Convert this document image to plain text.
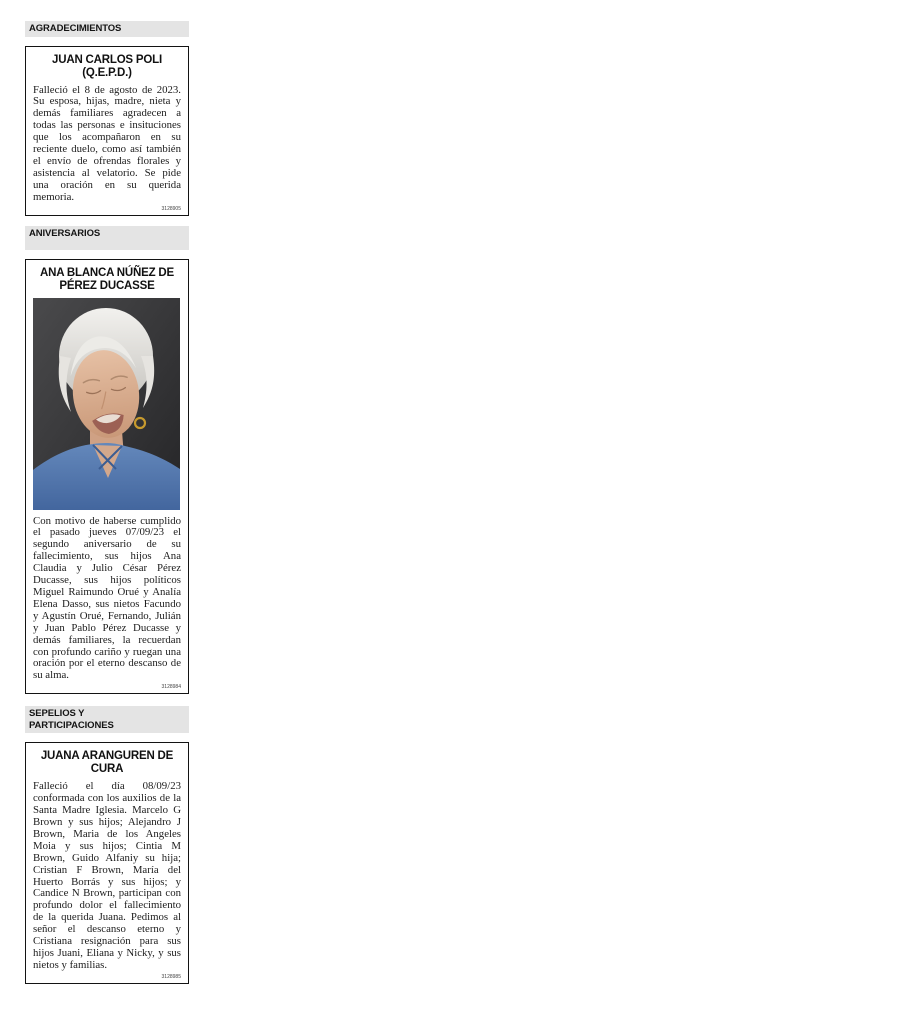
AGRADECIMIENTOS
JUAN CARLOS POLI
(Q.E.P.D.)
Falleció el 8 de agosto de 2023. Su esposa, hijas, madre, nieta y demás familiares agradecen a todas las personas e insituciones que los acompañaron en su reciente duelo, como así también el envío de ofrendas florales y asistencia al velatorio. Se pide una oración en su querida memoria.
3128905
ANIVERSARIOS
ANA BLANCA NÚÑEZ DE PÉREZ DUCASSE
Con motivo de haberse cumplido el pasado jueves 07/09/23 el segundo aniversario de su fallecimiento, sus hijos Ana Claudia y Julio César Pérez Ducasse, sus hijos políticos Miguel Raimundo Orué y Analía Elena Dasso, sus nietos Facundo y Agustín Orué, Fernando, Julián y Juan Pablo Pérez Ducasse y demás familiares, la recuerdan con profundo cariño y ruegan una oración por el eterno descanso de su alma.
3128984
SEPELIOS Y PARTICIPACIONES
JUANA ARANGUREN DE CURA
Falleció el día 08/09/23 conformada con los auxilios de la Santa Madre Iglesia. Marcelo G Brown y sus hijos; Alejandro J Brown, Maria de los Angeles Moia y sus hijos; Cintia M Brown, Guido Alfaniy su hija; Cristian F Brown, María del Huerto Borrás y sus hijos; y Candice N Brown, participan con profundo dolor el fallecimiento de la querida Juana. Pedimos al señor el descanso eterno y Cristiana resignación para sus hijos Juani, Eliana y Nicky, y sus nietos y familias.
3128985
